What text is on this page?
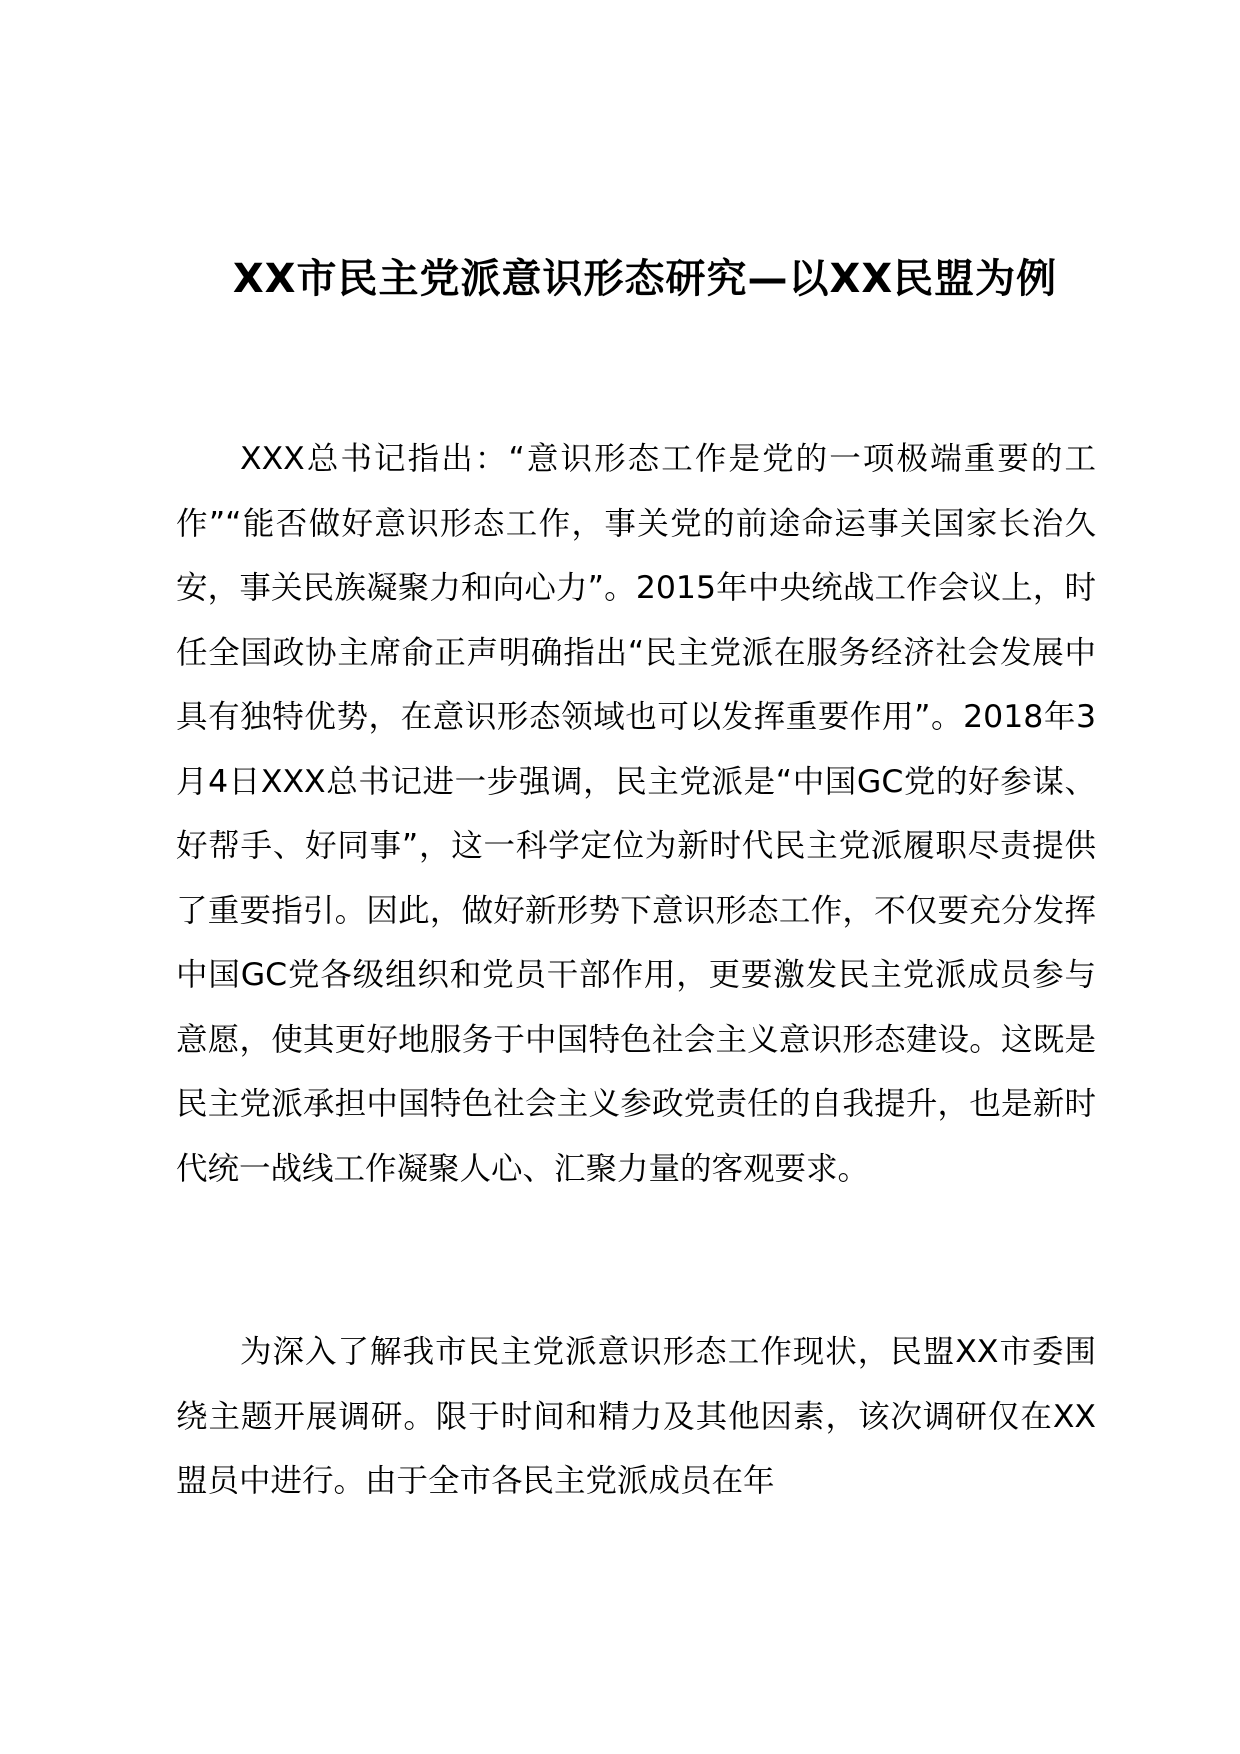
XX市民主党派意识形态研究—以XX民盟为例

XXX总书记指出：“意识形态工作是党的一项极端重要的工作”“能否做好意识形态工作，事关党的前途命运事关国家长治久安，事关民族凝聚力和向心力”。2015年中央统战工作会议上，时任全国政协主席俞正声明确指出“民主党派在服务经济社会发展中具有独特优势，在意识形态领域也可以发挥重要作用”。2018年3月4日XXX总书记进一步强调，民主党派是“中国GC党的好参谋、好帮手、好同事”，这一科学定位为新时代民主党派履职尽责提供了重要指引。因此，做好新形势下意识形态工作，不仅要充分发挥中国GC党各级组织和党员干部作用，更要激发民主党派成员参与意愿，使其更好地服务于中国特色社会主义意识形态建设。这既是民主党派承担中国特色社会主义参政党责任的自我提升，也是新时代统一战线工作凝聚人心、汇聚力量的客观要求。

为深入了解我市民主党派意识形态工作现状，民盟XX市委围绕主题开展调研。限于时间和精力及其他因素，该次调研仅在XX盟员中进行。由于全市各民主党派成员在年
